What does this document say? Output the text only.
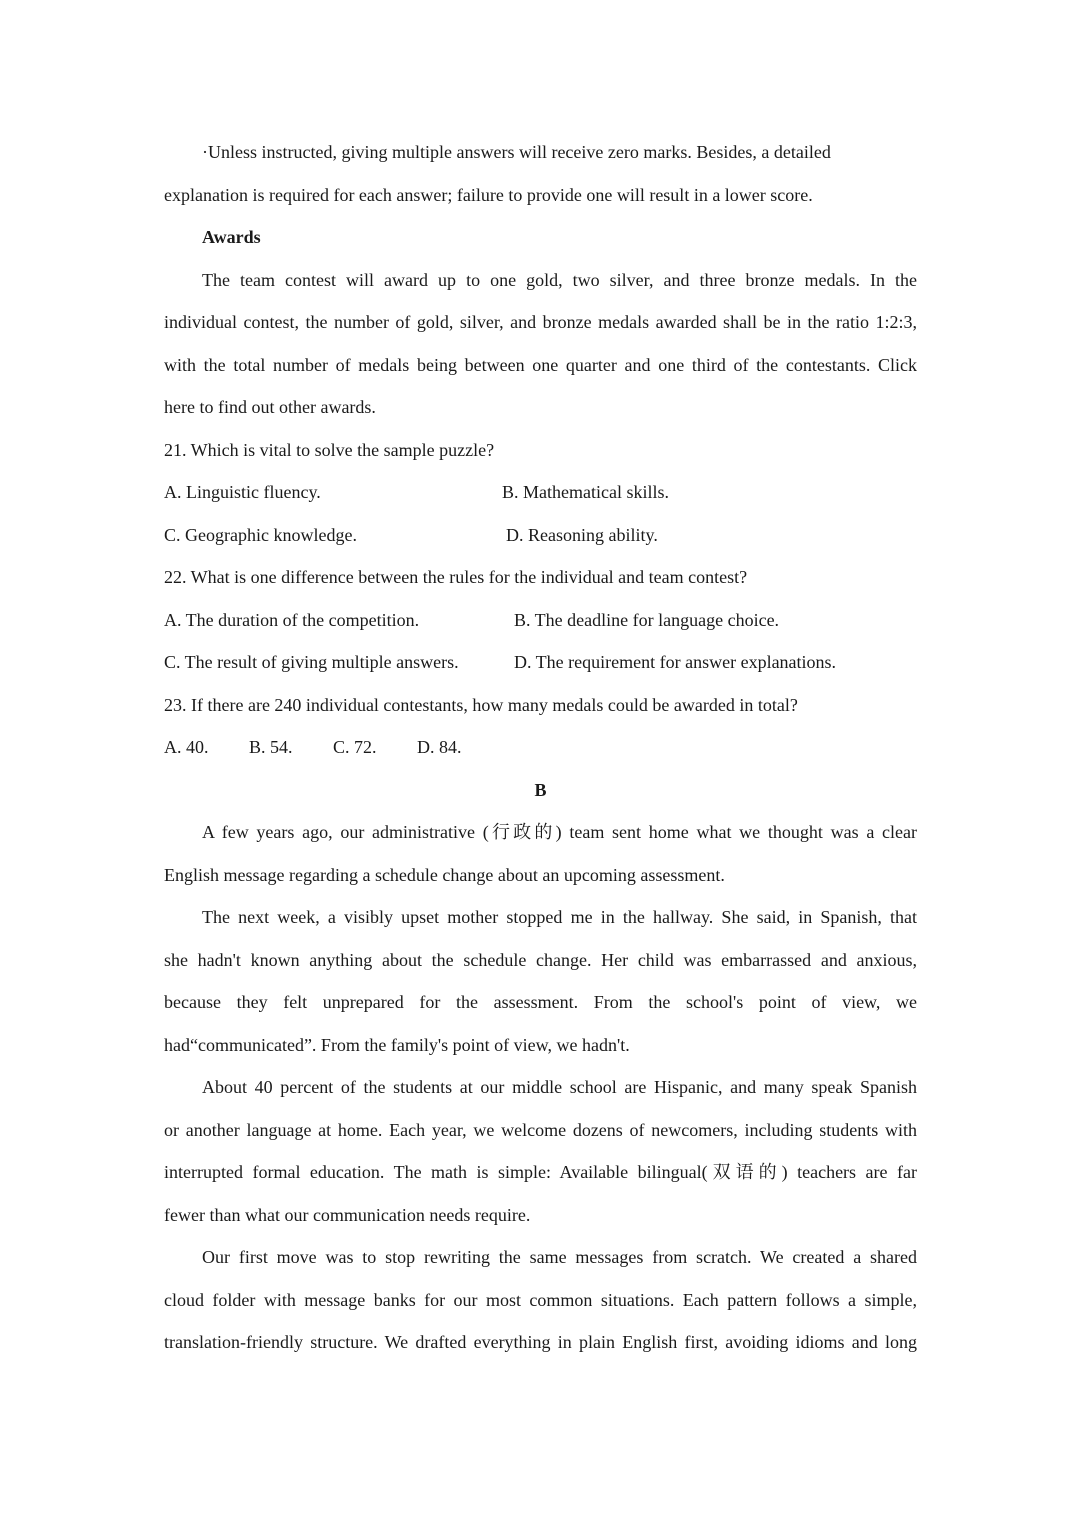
·Unless instructed, giving multiple answers will receive zero marks. Besides, a detailed
explanation is required for each answer; failure to provide one will result in a lower score.
Awards
The team contest will award up to one gold, two silver, and three bronze medals. In the
individual contest, the number of gold, silver, and bronze medals awarded shall be in the ratio 1:2:3,
with the total number of medals being between one quarter and one third of the contestants. Click
here to find out other awards.
21. Which is vital to solve the sample puzzle?
A. Linguistic fluency.	B. Mathematical skills.
C. Geographic knowledge.	D. Reasoning ability.
22. What is one difference between the rules for the individual and team contest?
A. The duration of the competition.	B. The deadline for language choice.
C. The result of giving multiple answers.	D. The requirement for answer explanations.
23. If there are 240 individual contestants, how many medals could be awarded in total?
A. 40. B. 54. C. 72. D. 84.
B
A few years ago, our administrative (行政的) team sent home what we thought was a clear
English message regarding a schedule change about an upcoming assessment.
The next week, a visibly upset mother stopped me in the hallway. She said, in Spanish, that
she hadn't known anything about the schedule change. Her child was embarrassed and anxious,
because they felt unprepared for the assessment. From the school's point of view, we
had“communicated”. From the family's point of view, we hadn't.
About 40 percent of the students at our middle school are Hispanic, and many speak Spanish
or another language at home. Each year, we welcome dozens of newcomers, including students with
interrupted formal education. The math is simple: Available bilingual(双语的) teachers are far
fewer than what our communication needs require.
Our first move was to stop rewriting the same messages from scratch. We created a shared
cloud folder with message banks for our most common situations. Each pattern follows a simple,
translation-friendly structure. We drafted everything in plain English first, avoiding idioms and long
